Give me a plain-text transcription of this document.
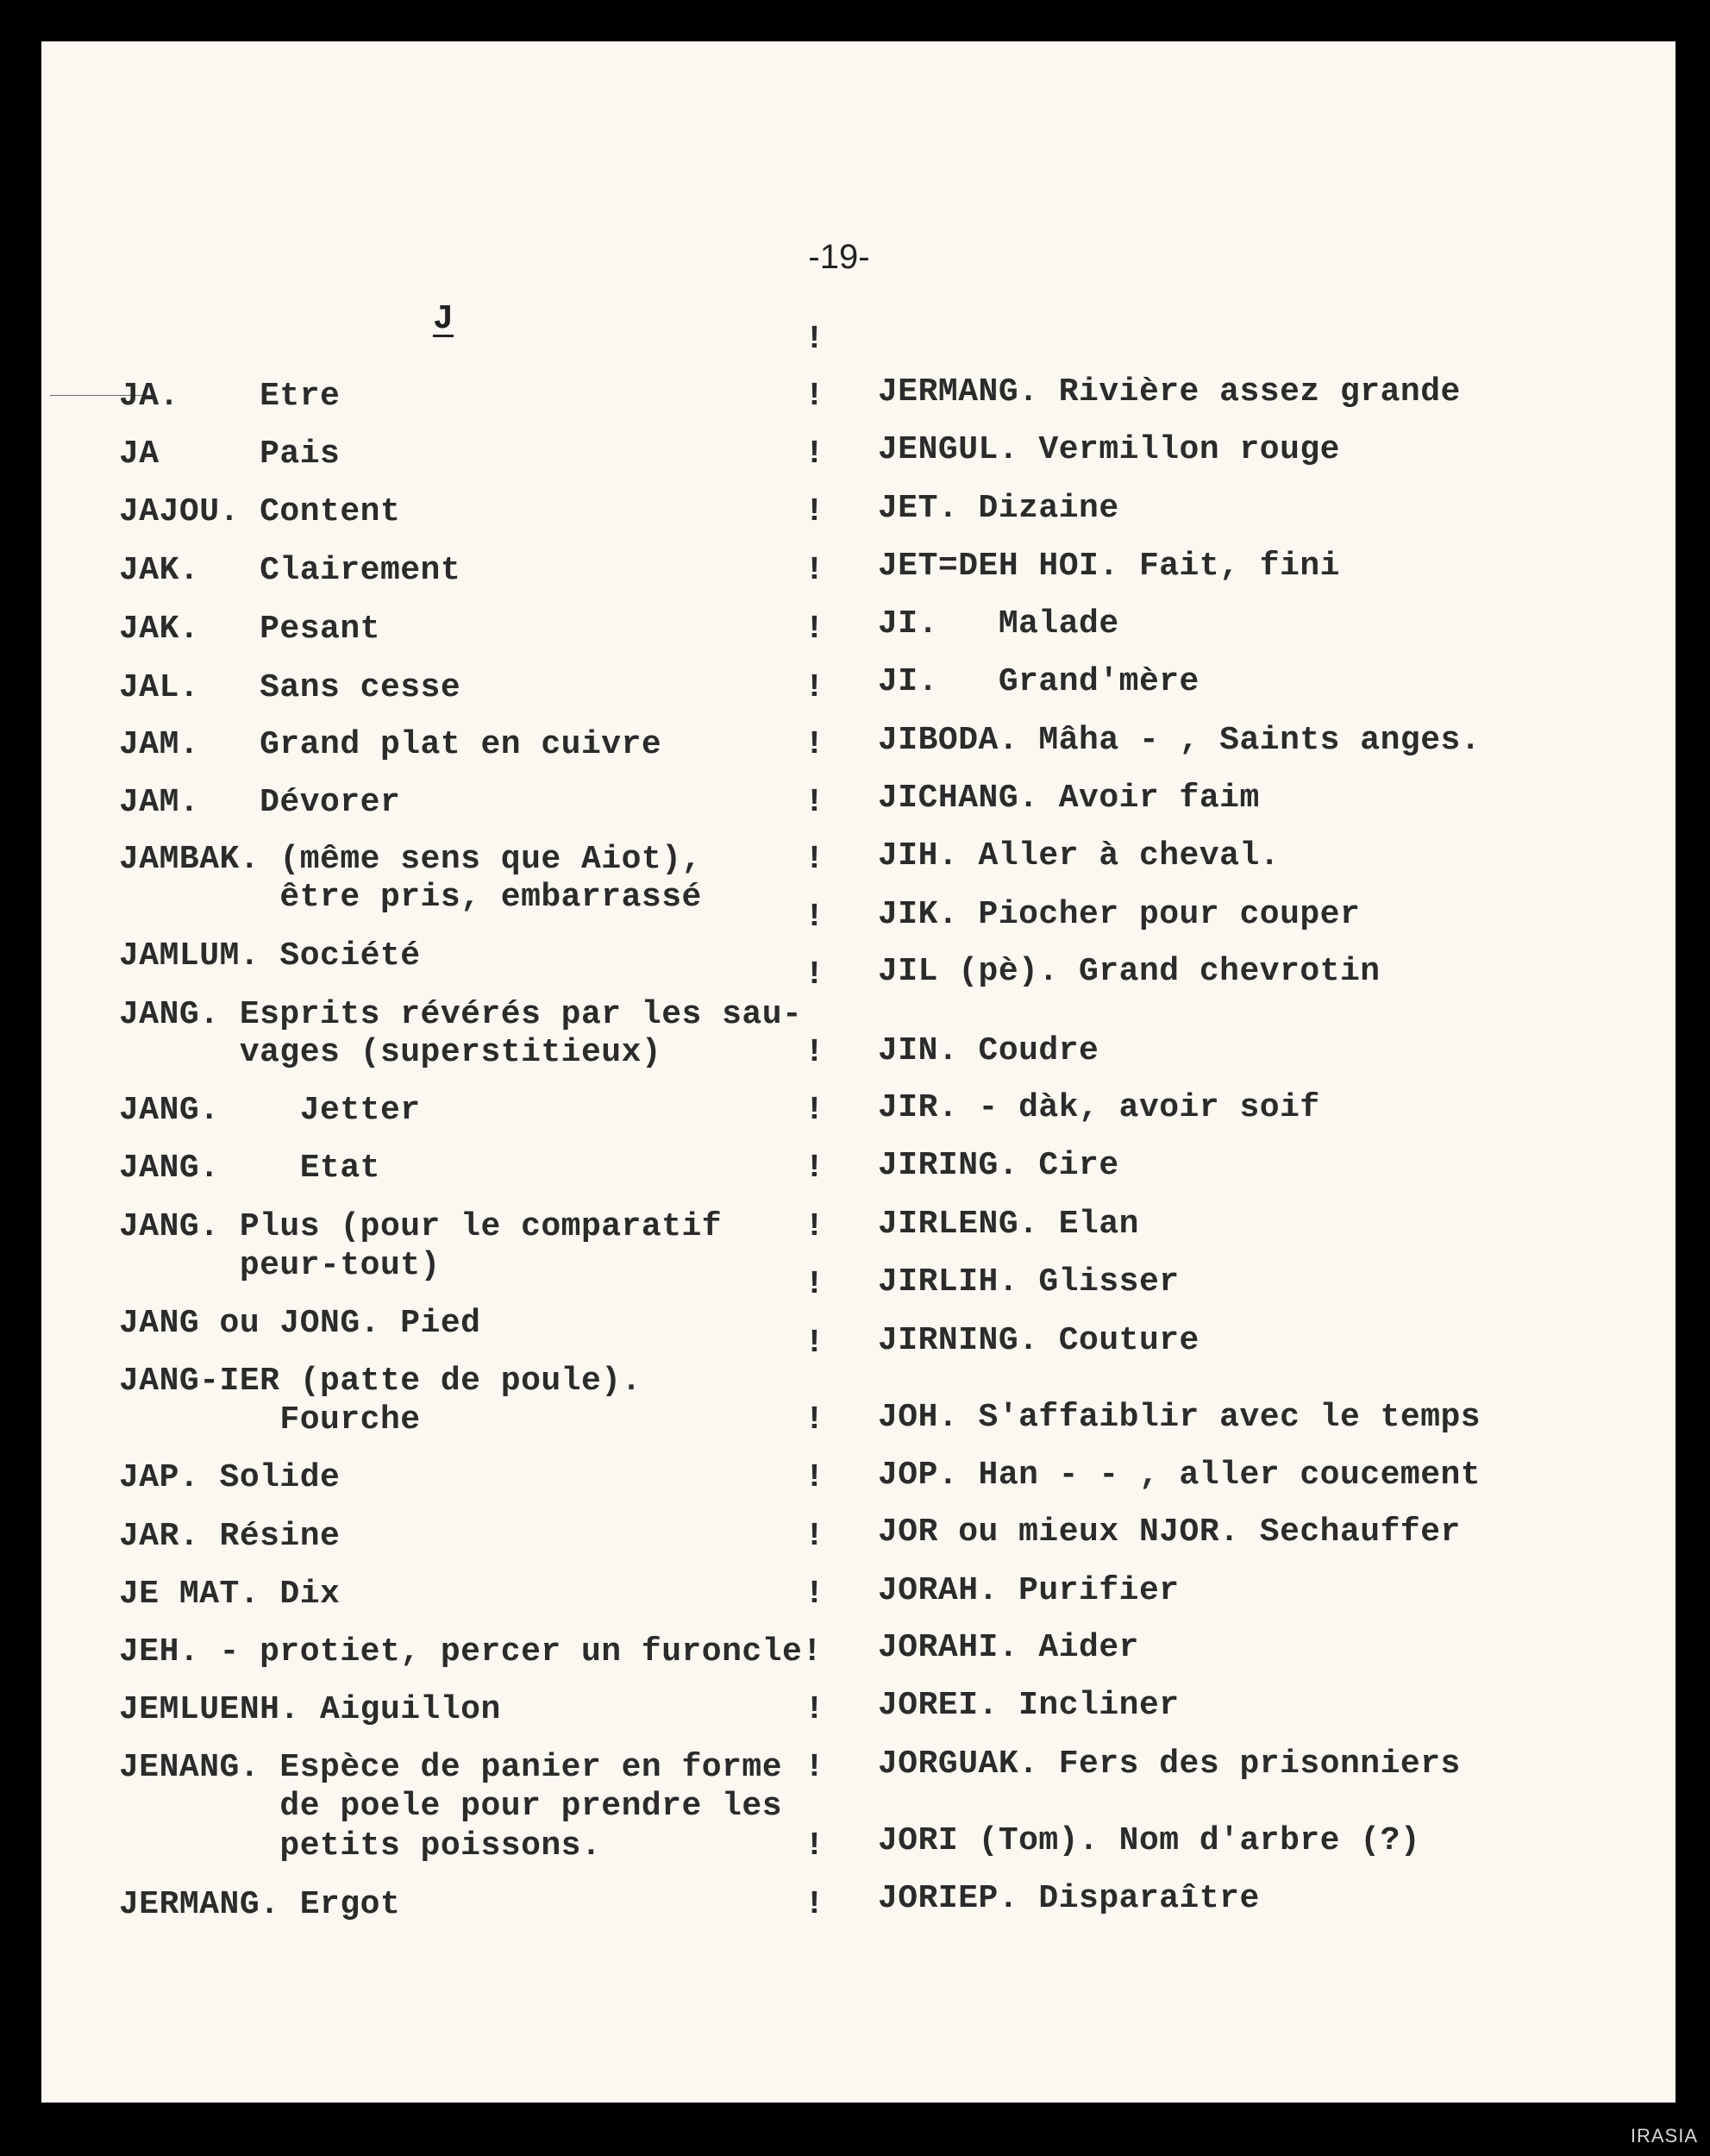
-19-
J
JA.    Etre
JA     Pais
JAJOU. Content
JAK.   Clairement
JAK.   Pesant
JAL.   Sans cesse
JAM.   Grand plat en cuivre
JAM.   Dévorer
JAMBAK. (même sens que Aiot),
être pris, embarrassé
JAMLUM. Société
JANG. Esprits révérés par les sau-
vages (superstitieux)
JANG.    Jetter
JANG.    Etat
JANG. Plus (pour le comparatif
peur-tout)
JANG ou JONG. Pied
JANG-IER (patte de poule).
Fourche
JAP. Solide
JAR. Résine
JE MAT. Dix
JEH. - protiet, percer un furoncle!
JEMLUENH. Aiguillon
JENANG. Espèce de panier en forme
de poele pour prendre les
petits poissons.
JERMANG. Ergot
!
!
!
!
!
!
!
!
!
!
!
!
!
!
!
!
!
!
!
!
!
!
!
!
!
!
JERMANG. Rivière assez grande
JENGUL. Vermillon rouge
JET. Dizaine
JET=DEH HOI. Fait, fini
JI.   Malade
JI.   Grand'mère
JIBODA. Mâha - , Saints anges.
JICHANG. Avoir faim
JIH. Aller à cheval.
JIK. Piocher pour couper
JIL (pè). Grand chevrotin
JIN. Coudre
JIR. - dàk, avoir soif
JIRING. Cire
JIRLENG. Elan
JIRLIH. Glisser
JIRNING. Couture
JOH. S'affaiblir avec le temps
JOP. Han - - , aller coucement
JOR ou mieux NJOR. Sechauffer
JORAH. Purifier
JORAHI. Aider
JOREI. Incliner
JORGUAK. Fers des prisonniers
JORI (Tom). Nom d'arbre (?)
JORIEP. Disparaître
IRASIA
